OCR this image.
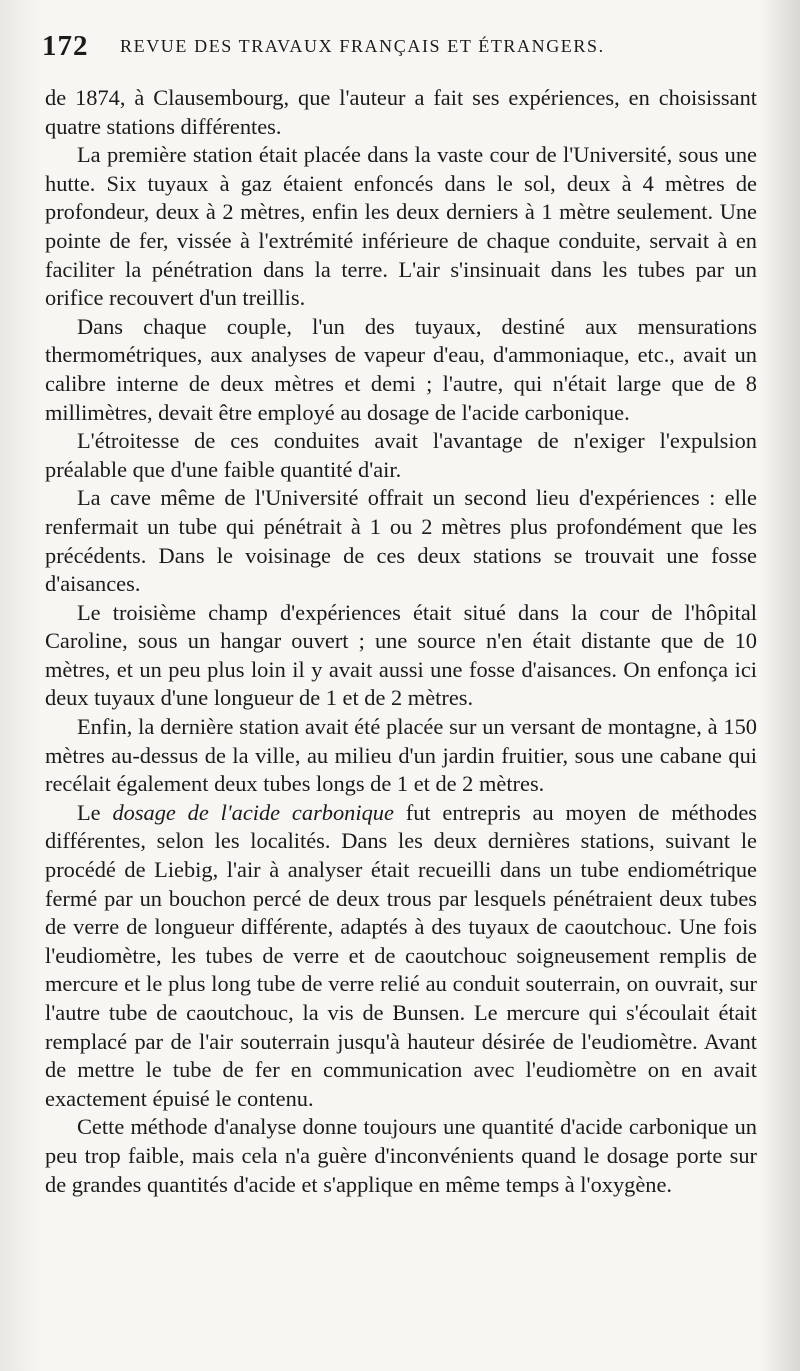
172 REVUE DES TRAVAUX FRANÇAIS ET ÉTRANGERS.

de 1874, à Clausembourg, que l'auteur a fait ses expériences, en choisissant quatre stations différentes.

La première station était placée dans la vaste cour de l'Université, sous une hutte. Six tuyaux à gaz étaient enfoncés dans le sol, deux à 4 mètres de profondeur, deux à 2 mètres, enfin les deux derniers à 1 mètre seulement. Une pointe de fer, vissée à l'extrémité inférieure de chaque conduite, servait à en faciliter la pénétration dans la terre. L'air s'insinuait dans les tubes par un orifice recouvert d'un treillis.

Dans chaque couple, l'un des tuyaux, destiné aux mensurations thermométriques, aux analyses de vapeur d'eau, d'ammoniaque, etc., avait un calibre interne de deux mètres et demi ; l'autre, qui n'était large que de 8 millimètres, devait être employé au dosage de l'acide carbonique.

L'étroitesse de ces conduites avait l'avantage de n'exiger l'expulsion préalable que d'une faible quantité d'air.

La cave même de l'Université offrait un second lieu d'expériences : elle renfermait un tube qui pénétrait à 1 ou 2 mètres plus profondément que les précédents. Dans le voisinage de ces deux stations se trouvait une fosse d'aisances.

Le troisième champ d'expériences était situé dans la cour de l'hôpital Caroline, sous un hangar ouvert ; une source n'en était distante que de 10 mètres, et un peu plus loin il y avait aussi une fosse d'aisances. On enfonça ici deux tuyaux d'une longueur de 1 et de 2 mètres.

Enfin, la dernière station avait été placée sur un versant de montagne, à 150 mètres au-dessus de la ville, au milieu d'un jardin fruitier, sous une cabane qui recélait également deux tubes longs de 1 et de 2 mètres.

Le dosage de l'acide carbonique fut entrepris au moyen de méthodes différentes, selon les localités. Dans les deux dernières stations, suivant le procédé de Liebig, l'air à analyser était recueilli dans un tube endiométrique fermé par un bouchon percé de deux trous par lesquels pénétraient deux tubes de verre de longueur différente, adaptés à des tuyaux de caoutchouc. Une fois l'eudiomètre, les tubes de verre et de caoutchouc soigneusement remplis de mercure et le plus long tube de verre relié au conduit souterrain, on ouvrait, sur l'autre tube de caoutchouc, la vis de Bunsen. Le mercure qui s'écoulait était remplacé par de l'air souterrain jusqu'à hauteur désirée de l'eudiomètre. Avant de mettre le tube de fer en communication avec l'eudiomètre on en avait exactement épuisé le contenu.

Cette méthode d'analyse donne toujours une quantité d'acide carbonique un peu trop faible, mais cela n'a guère d'inconvénients quand le dosage porte sur de grandes quantités d'acide et s'applique en même temps à l'oxygène.
